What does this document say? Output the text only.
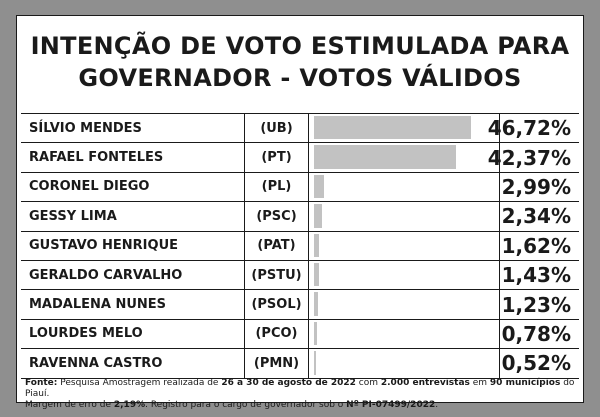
INTENÇÃO DE VOTO ESTIMULADA PARA
GOVERNADOR - VOTOS VÁLIDOS
SÍLVIO MENDES	(UB)	46,72%
RAFAEL FONTELES	(PT)	42,37%
CORONEL DIEGO	(PL)	2,99%
GESSY LIMA	(PSC)	2,34%
GUSTAVO HENRIQUE	(PAT)	1,62%
GERALDO CARVALHO	(PSTU)	1,43%
MADALENA NUNES	(PSOL)	1,23%
LOURDES MELO	(PCO)	0,78%
RAVENNA CASTRO	(PMN)	0,52%
Fonte: Pesquisa Amostragem realizada de 26 a 30 de agosto de 2022 com 2.000 entrevistas em 90 municípios do Piauí.
Margem de erro de 2,19%. Registro para o cargo de governador sob o Nº PI-07499/2022.
